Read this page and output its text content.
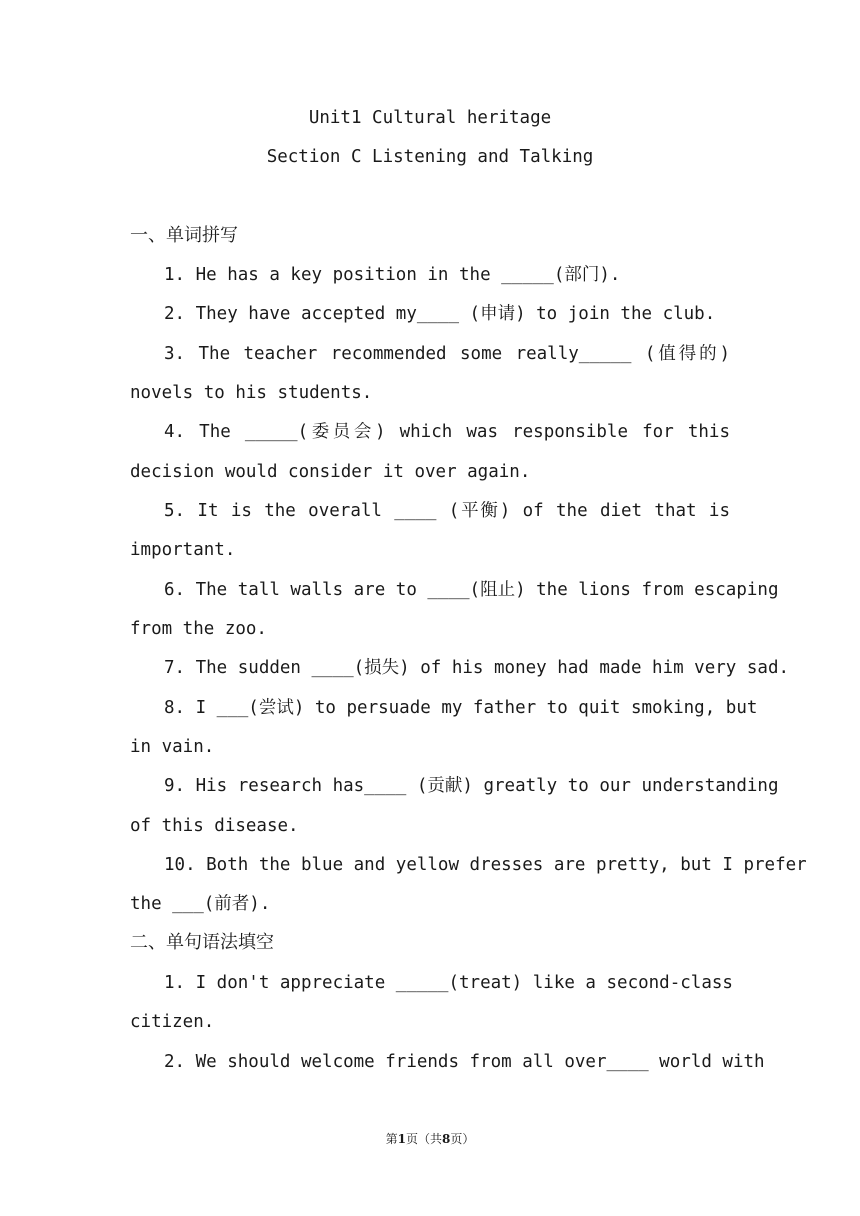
Unit1 Cultural heritage
Section C Listening and Talking
一、单词拼写
1. He has a key position in the _____(部门).
2. They have accepted my____ (申请) to join the club.
3. The teacher recommended some really_____ (值得的)
novels to his students.
4. The _____(委员会) which was responsible for this
decision would consider it over again.
5. It is the overall ____ (平衡) of the diet that is
important.
6. The tall walls are to ____(阻止) the lions from escaping
from the zoo.
7. The sudden ____(损失) of his money had made him very sad.
8. I ___(尝试) to persuade my father to quit smoking, but
in vain.
9. His research has____ (贡献) greatly to our understanding
of this disease.
10. Both the blue and yellow dresses are pretty, but I prefer
the ___(前者).
二、单句语法填空
1. I don't appreciate _____(treat) like a second-class
citizen.
2. We should welcome friends from all over____ world with
第1页（共8页）
